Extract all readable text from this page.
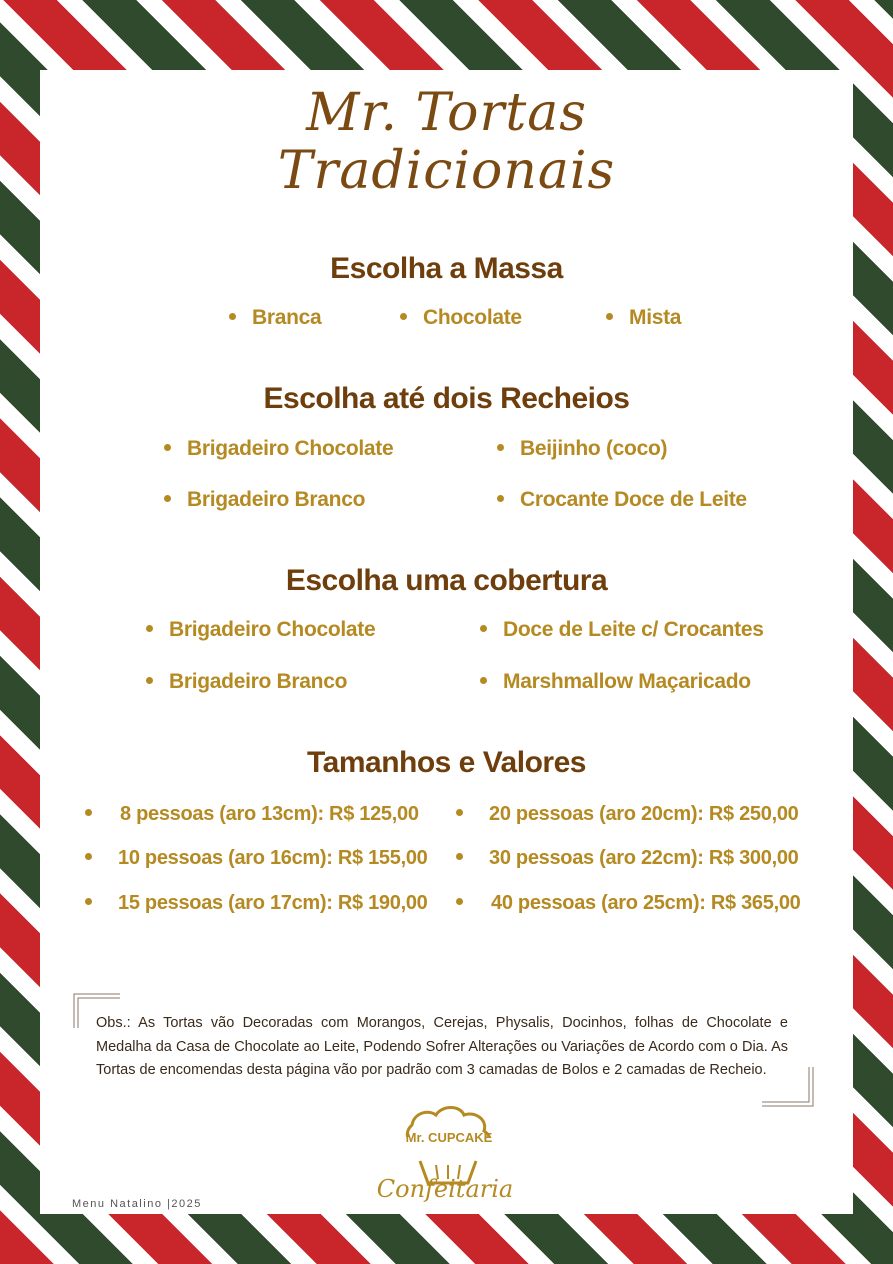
Mr. Tortas
Tradicionais
Escolha a Massa
Branca	Chocolate	Mista
Escolha até dois Recheios
Brigadeiro Chocolate	Beijinho (coco)
Brigadeiro Branco	Crocante Doce de Leite
Escolha uma cobertura
Brigadeiro Chocolate	Doce de Leite c/ Crocantes
Brigadeiro Branco	Marshmallow Maçaricado
Tamanhos e Valores
8 pessoas (aro 13cm): R$ 125,00	20 pessoas (aro 20cm): R$ 250,00
10 pessoas (aro 16cm): R$ 155,00	30 pessoas (aro 22cm): R$ 300,00
15 pessoas (aro 17cm): R$ 190,00	40 pessoas (aro 25cm): R$ 365,00
Obs.: As Tortas vão Decoradas com Morangos, Cerejas, Physalis, Docinhos, folhas de Chocolate e Medalha da Casa de Chocolate ao Leite, Podendo Sofrer Alterações ou Variações de Acordo com o Dia. As Tortas de encomendas desta página vão por padrão com 3 camadas de Bolos e 2 camadas de Recheio.
Mr. CUPCAKE
Confeitaria
Menu Natalino |2025
